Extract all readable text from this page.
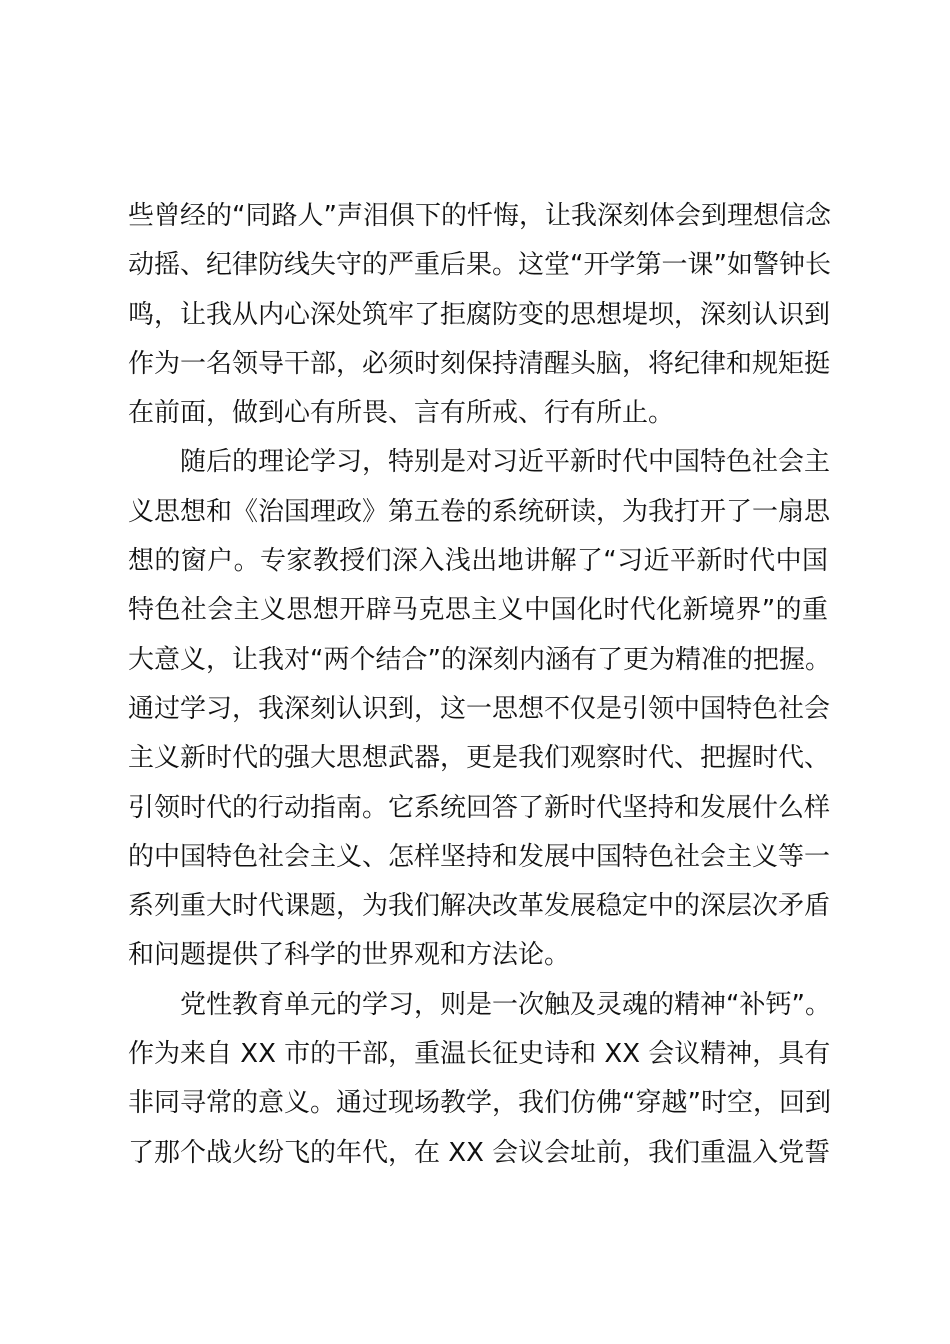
些曾经的“同路人”声泪俱下的忏悔，让我深刻体会到理想信念
动摇、纪律防线失守的严重后果。这堂“开学第一课”如警钟长
鸣，让我从内心深处筑牢了拒腐防变的思想堤坝，深刻认识到
作为一名领导干部，必须时刻保持清醒头脑，将纪律和规矩挺
在前面，做到心有所畏、言有所戒、行有所止。
随后的理论学习，特别是对习近平新时代中国特色社会主
义思想和《治国理政》第五卷的系统研读，为我打开了一扇思
想的窗户。专家教授们深入浅出地讲解了“习近平新时代中国
特色社会主义思想开辟马克思主义中国化时代化新境界”的重
大意义，让我对“两个结合”的深刻内涵有了更为精准的把握。
通过学习，我深刻认识到，这一思想不仅是引领中国特色社会
主义新时代的强大思想武器，更是我们观察时代、把握时代、
引领时代的行动指南。它系统回答了新时代坚持和发展什么样
的中国特色社会主义、怎样坚持和发展中国特色社会主义等一
系列重大时代课题，为我们解决改革发展稳定中的深层次矛盾
和问题提供了科学的世界观和方法论。
党性教育单元的学习，则是一次触及灵魂的精神“补钙”。
作为来自 XX 市的干部，重温长征史诗和 XX 会议精神，具有
非同寻常的意义。通过现场教学，我们仿佛“穿越”时空，回到
了那个战火纷飞的年代，在 XX 会议会址前，我们重温入党誓
